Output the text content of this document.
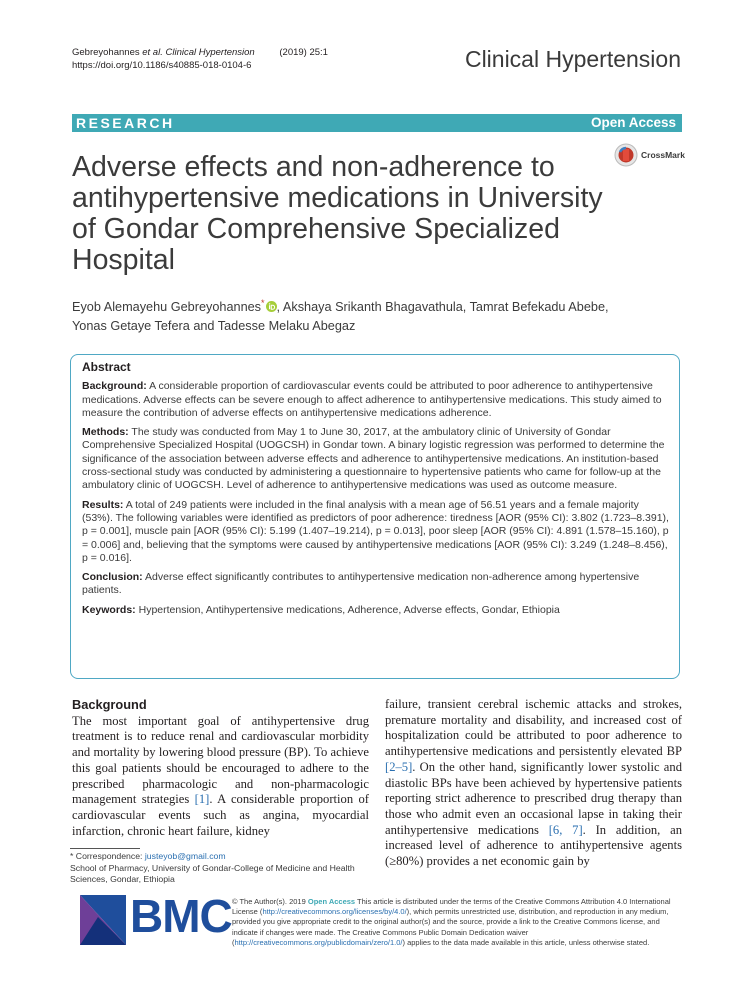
Gebreyohannes et al. Clinical Hypertension	(2019) 25:1
https://doi.org/10.1186/s40885-018-0104-6	Clinical Hypertension
RESEARCH	Open Access
CrossMark
Adverse effects and non-adherence to antihypertensive medications in University of Gondar Comprehensive Specialized Hospital
Eyob Alemayehu Gebreyohannes* , Akshaya Srikanth Bhagavathula, Tamrat Befekadu Abebe,
Yonas Getaye Tefera and Tadesse Melaku Abegaz
Abstract

Background: A considerable proportion of cardiovascular events could be attributed to poor adherence to antihypertensive medications. Adverse effects can be severe enough to affect adherence to antihypertensive medications. This study aimed to measure the contribution of adverse effects on antihypertensive medications adherence.

Methods: The study was conducted from May 1 to June 30, 2017, at the ambulatory clinic of University of Gondar Comprehensive Specialized Hospital (UOGCSH) in Gondar town. A binary logistic regression was performed to determine the significance of the association between adverse effects and adherence to antihypertensive medications. An institution-based cross-sectional study was conducted by administering a questionnaire to hypertensive patients who came for follow-up at the ambulatory clinic of UOGCSH. Level of adherence to antihypertensive medications was used as outcome measure.

Results: A total of 249 patients were included in the final analysis with a mean age of 56.51 years and a female majority (53%). The following variables were identified as predictors of poor adherence: tiredness [AOR (95% CI): 3.802 (1.723–8.391), p = 0.001], muscle pain [AOR (95% CI): 5.199 (1.407–19.214), p = 0.013], poor sleep [AOR (95% CI): 4.891 (1.578–15.160), p = 0.006] and, believing that the symptoms were caused by antihypertensive medications [AOR (95% CI): 3.249 (1.248–8.456), p = 0.016].

Conclusion: Adverse effect significantly contributes to antihypertensive medication non-adherence among hypertensive patients.

Keywords: Hypertension, Antihypertensive medications, Adherence, Adverse effects, Gondar, Ethiopia

Background

The most important goal of antihypertensive drug treatment is to reduce renal and cardiovascular morbidity and mortality by lowering blood pressure (BP). To achieve this goal patients should be encouraged to adhere to the prescribed pharmacologic and non-pharmacologic management strategies [1]. A considerable proportion of cardiovascular events such as angina, myocardial infarction, chronic heart failure, kidney

failure, transient cerebral ischemic attacks and strokes, premature mortality and disability, and increased cost of hospitalization could be attributed to poor adherence to antihypertensive medications and persistently elevated BP [2–5]. On the other hand, significantly lower systolic and diastolic BPs have been achieved by hypertensive patients reporting strict adherence to prescribed drug therapy than those who admit even an occasional lapse in taking their antihypertensive medications [6, 7]. In addition, an increased level of adherence to antihypertensive agents (≥80%) provides a net economic gain by

* Correspondence: justeyob@gmail.com
School of Pharmacy, University of Gondar-College of Medicine and Health Sciences, Gondar, Ethiopia
BMC © The Author(s). 2019 Open Access This article is distributed under the terms of the Creative Commons Attribution 4.0 International License (http://creativecommons.org/licenses/by/4.0/), which permits unrestricted use, distribution, and reproduction in any medium, provided you give appropriate credit to the original author(s) and the source, provide a link to the Creative Commons license, and indicate if changes were made. The Creative Commons Public Domain Dedication waiver (http://creativecommons.org/publicdomain/zero/1.0/) applies to the data made available in this article, unless otherwise stated.
